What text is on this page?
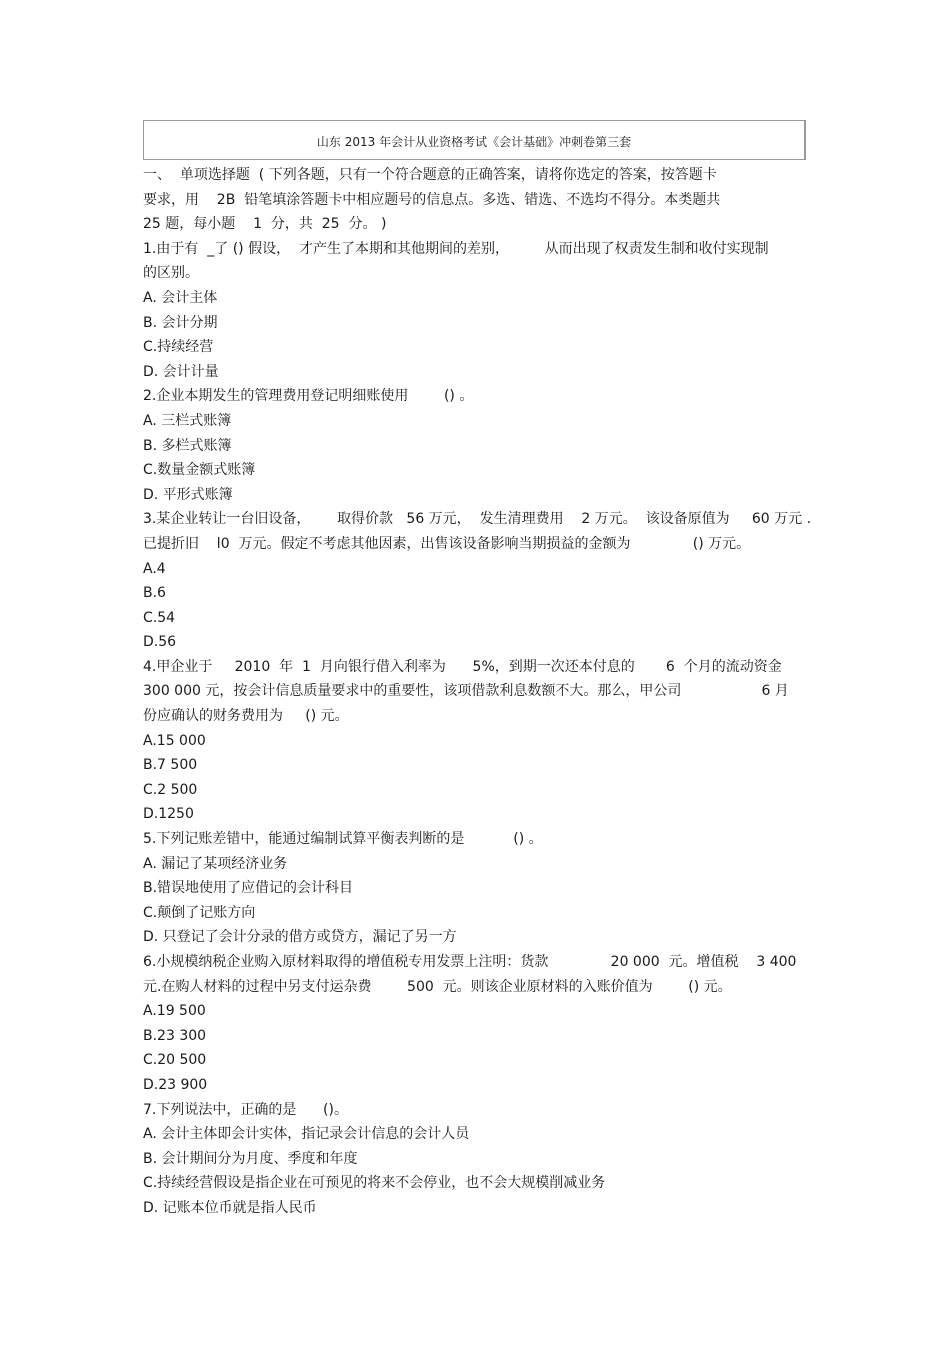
山东 2013 年会计从业资格考试《会计基础》冲刺卷第三套
一、  单项选择题  ( 下列各题，只有一个符合题意的正确答案，请将你选定的答案，按答题卡
要求，用    2B  铅笔填涂答题卡中相应题号的信息点。多选、错选、不选均不得分。本类题共
25 题，每小题    1  分，共  25  分。 )
1.由于有  _了 () 假设，  才产生了本期和其他期间的差别，        从而出现了权责发生制和收付实现制
的区别。
A. 会计主体
B. 会计分期
C.持续经营
D. 会计计量
2.企业本期发生的管理费用登记明细账使用        () 。
A. 三栏式账簿
B. 多栏式账簿
C.数量金额式账簿
D. 平形式账簿
3.某企业转让一台旧设备，      取得价款   56 万元，  发生清理费用    2 万元。  该设备原值为     60 万元 .
已提折旧    l0  万元。假定不考虑其他因素，出售该设备影响当期损益的金额为              () 万元。
A.4
B.6
C.54
D.56
4.甲企业于     2010  年  1  月向银行借入利率为      5%，到期一次还本付息的       6  个月的流动资金
300 000 元，按会计信息质量要求中的重要性，该项借款利息数额不大。那么，甲公司                  6 月
份应确认的财务费用为     () 元。
A.15 000
B.7 500
C.2 500
D.1250
5.下列记账差错中，能通过编制试算平衡表判断的是           () 。
A. 漏记了某项经济业务
B.错误地使用了应借记的会计科目
C.颠倒了记账方向
D. 只登记了会计分录的借方或贷方，漏记了另一方
6.小规模纳税企业购入原材料取得的增值税专用发票上注明：货款              20 000  元。增值税    3 400
元.在购人材料的过程中另支付运杂费        500  元。则该企业原材料的入账价值为        () 元。
A.19 500
B.23 300
C.20 500
D.23 900
7.下列说法中，正确的是      ()。
A. 会计主体即会计实体，指记录会计信息的会计人员
B. 会计期间分为月度、季度和年度
C.持续经营假设是指企业在可预见的将来不会停业，也不会大规模削减业务
D. 记账本位币就是指人民币
